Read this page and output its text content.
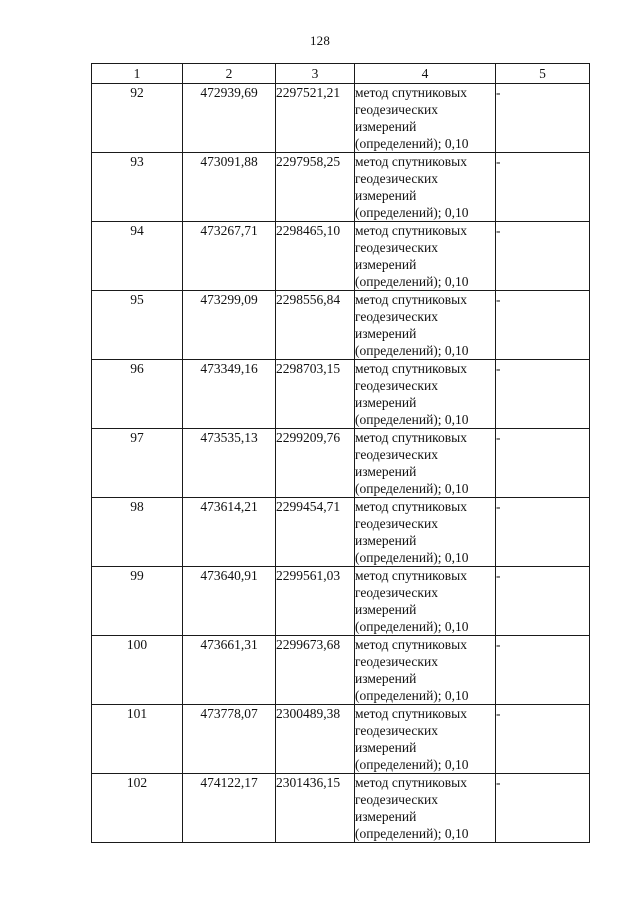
128
1	2	3	4	5
92	472939,69	2297521,21	метод спутниковых
геодезических
измерений
(определений); 0,10	-
93	473091,88	2297958,25	метод спутниковых
геодезических
измерений
(определений); 0,10	-
94	473267,71	2298465,10	метод спутниковых
геодезических
измерений
(определений); 0,10	-
95	473299,09	2298556,84	метод спутниковых
геодезических
измерений
(определений); 0,10	-
96	473349,16	2298703,15	метод спутниковых
геодезических
измерений
(определений); 0,10	-
97	473535,13	2299209,76	метод спутниковых
геодезических
измерений
(определений); 0,10	-
98	473614,21	2299454,71	метод спутниковых
геодезических
измерений
(определений); 0,10	-
99	473640,91	2299561,03	метод спутниковых
геодезических
измерений
(определений); 0,10	-
100	473661,31	2299673,68	метод спутниковых
геодезических
измерений
(определений); 0,10	-
101	473778,07	2300489,38	метод спутниковых
геодезических
измерений
(определений); 0,10	-
102	474122,17	2301436,15	метод спутниковых
геодезических
измерений
(определений); 0,10	-
